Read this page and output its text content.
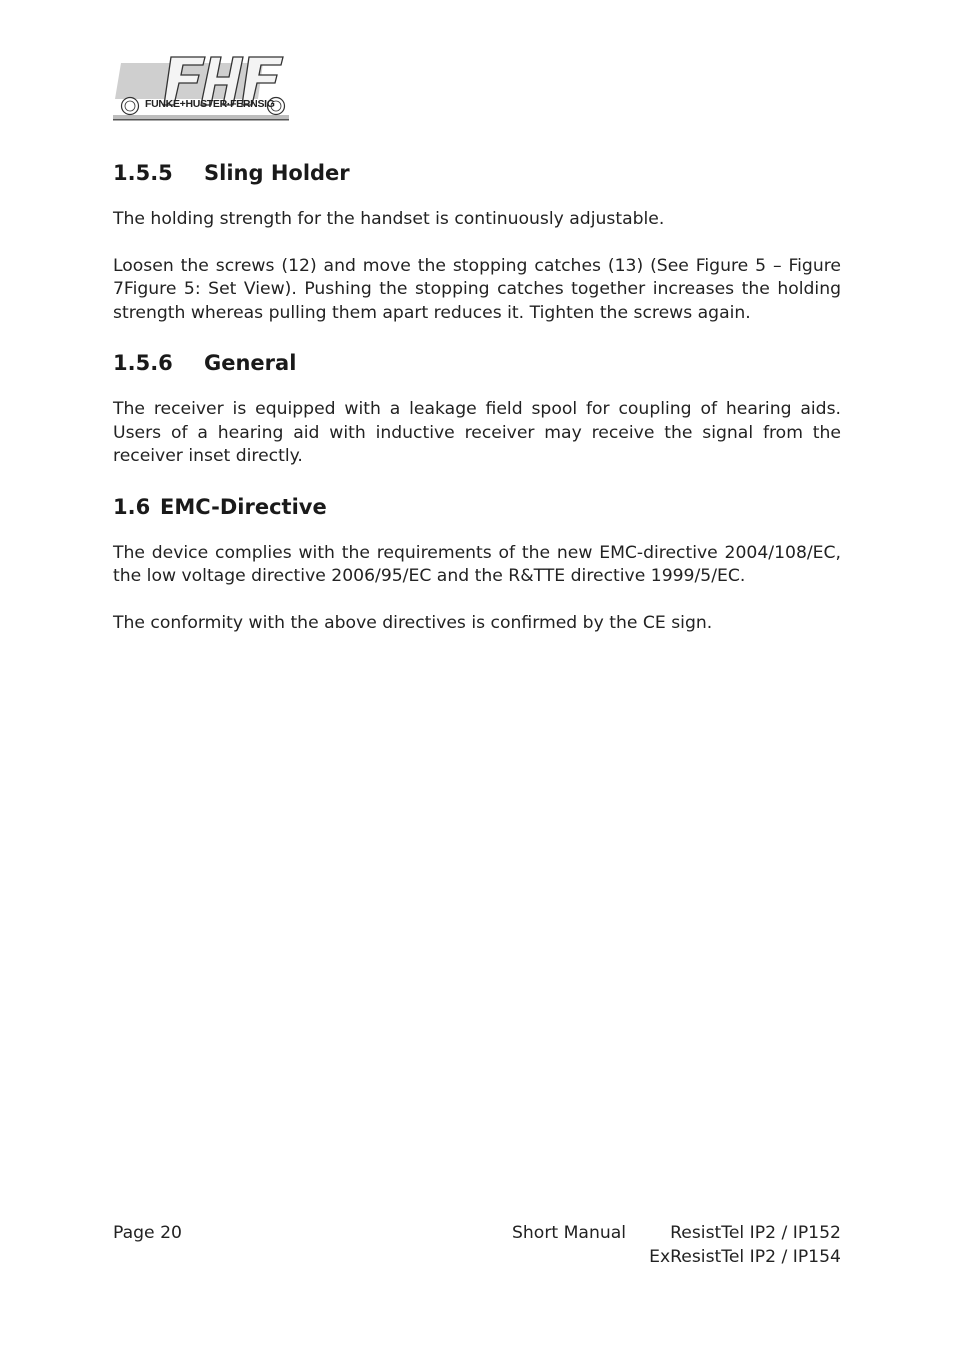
FUNKE+HUSTER·FERNSIG
1.5.5 Sling Holder

The holding strength for the handset is continuously adjustable.

Loosen the screws (12) and move the stopping catches (13) (See Figure 5 – Figure 7Figure 5: Set View). Pushing the stopping catches together increases the holding strength whereas pulling them apart reduces it. Tighten the screws again.

1.5.6 General

The receiver is equipped with a leakage field spool for coupling of hearing aids. Users of a hearing aid with inductive receiver may receive the signal from the receiver inset directly.

1.6 EMC-Directive

The device complies with the requirements of the new EMC-directive 2004/108/EC, the low voltage directive 2006/95/EC and the R&TTE directive 1999/5/EC.

The conformity with the above directives is confirmed by the CE sign.

Page 20	Short Manual	ResistTel IP2 / IP152
ExResistTel IP2 / IP154
